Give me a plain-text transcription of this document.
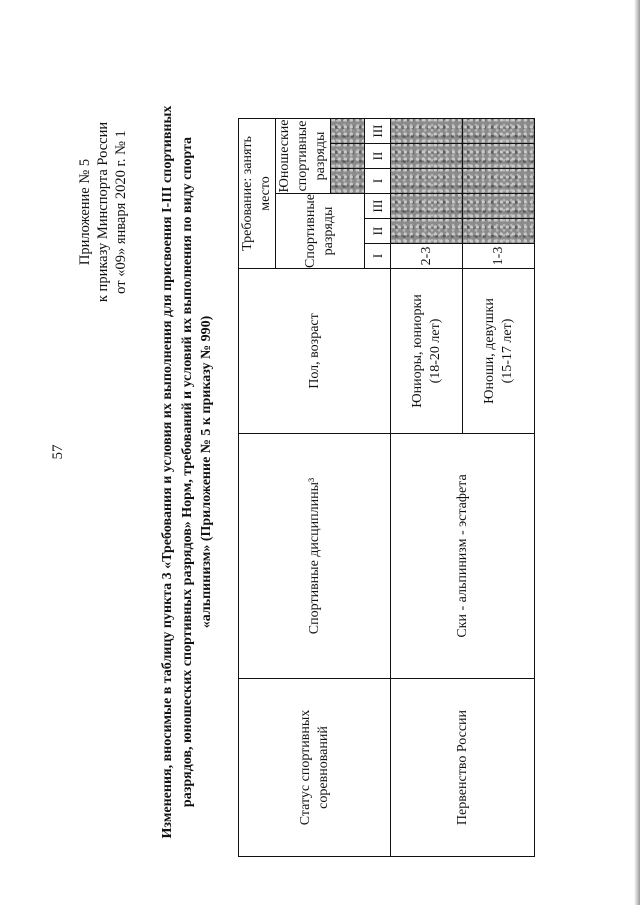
57
Приложение № 5 к приказу Минспорта России от «09» января 2020 г. № 1 Изменения, вносимые в таблицу пункта 3 «Требования и условия их выполнения для присвоения I-III спортивных разрядов, юношеских спортивных разрядов» Норм, требований и условий их выполнения по виду спорта «альпинизм» (Приложение № 5 к приказу № 990)
Статус спортивных соревнований	Спортивные дисциплины³	Пол, возраст	Требование: занять место					
			Спортивные разряды			Юношеские спортивные разряды		

			I	II	III	I	II	III
Первенство России	Ски - альпинизм - эстафета	Юниоры, юниорки (18-20 лет)	2-3					

		Юноши, девушки (15-17 лет)	1-3					
